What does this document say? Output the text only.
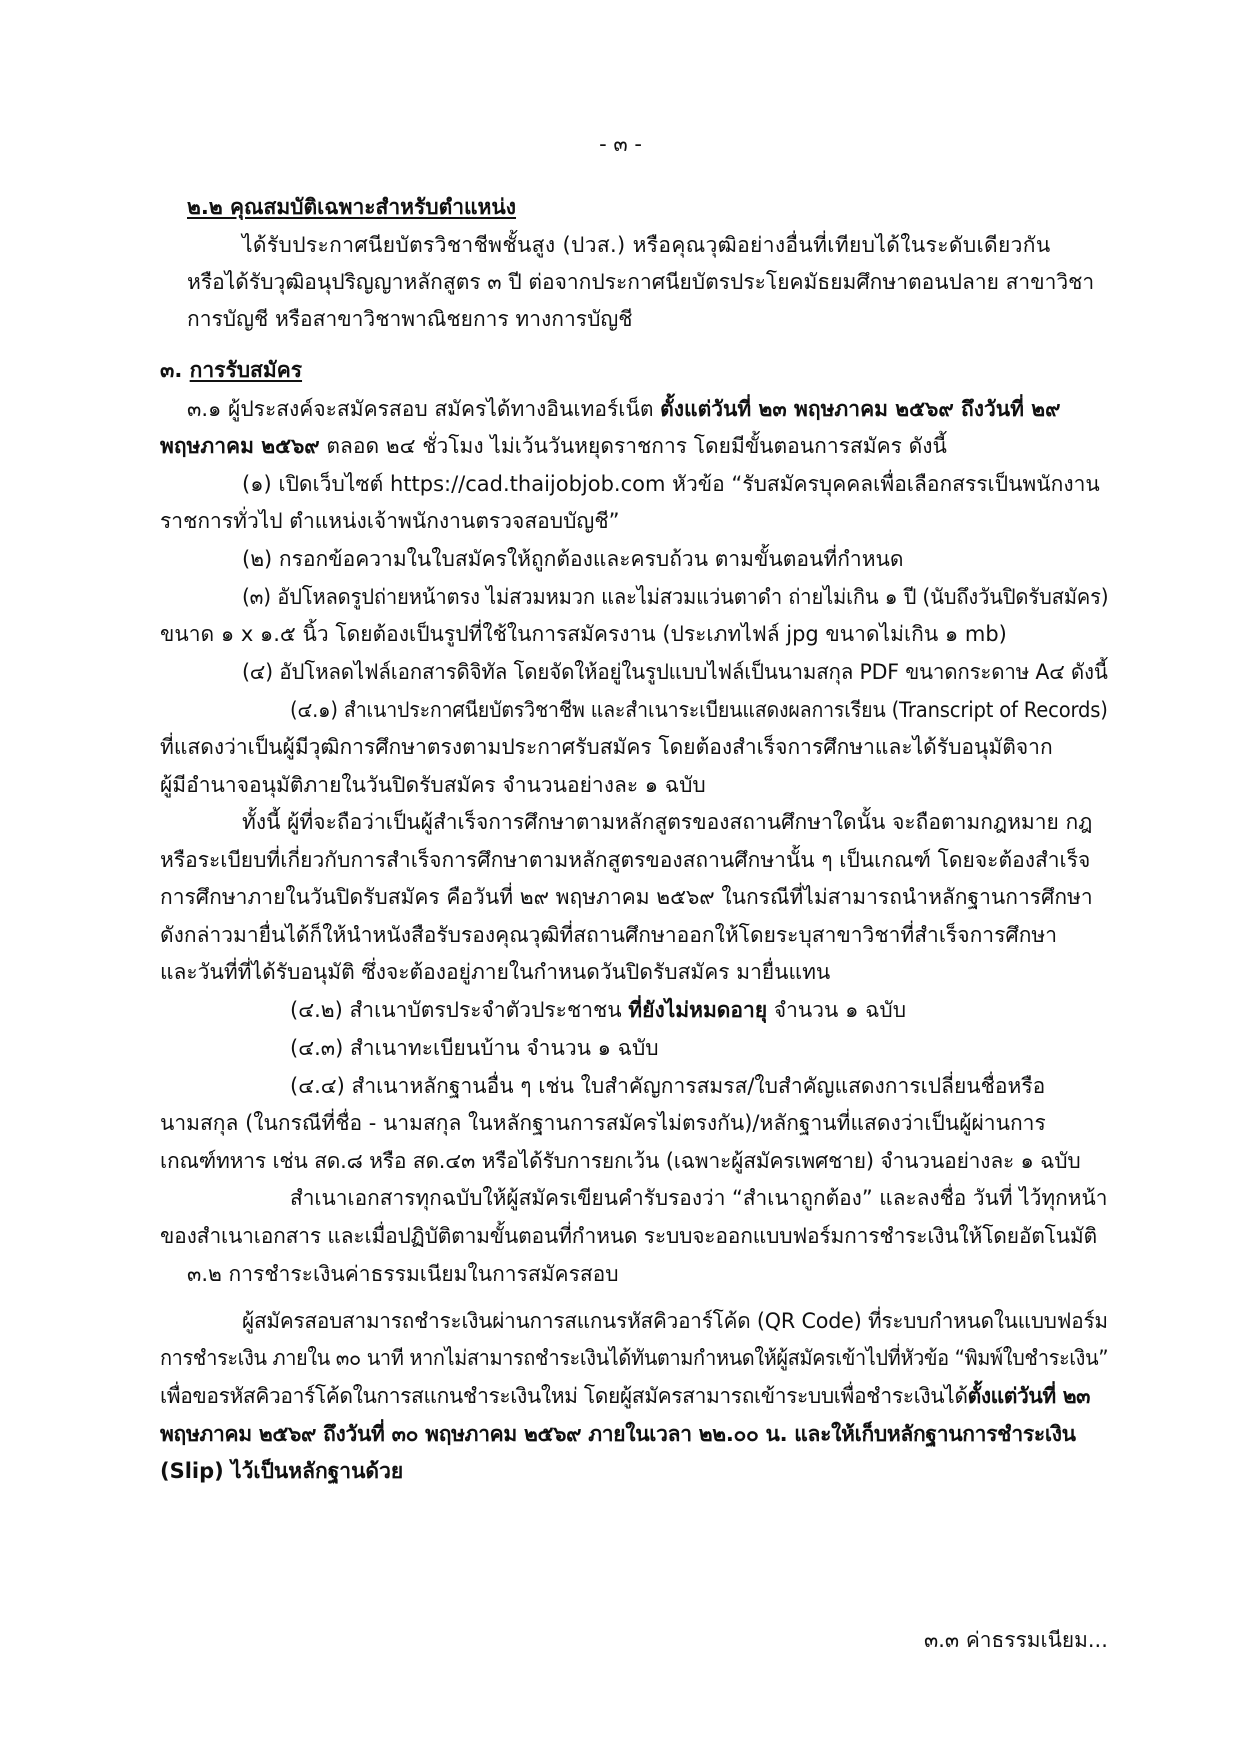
- ๓ -
๒.๒ คุณสมบัติเฉพาะสำหรับตำแหน่ง
ได้รับประกาศนียบัตรวิชาชีพชั้นสูง (ปวส.) หรือคุณวุฒิอย่างอื่นที่เทียบได้ในระดับเดียวกัน
หรือได้รับวุฒิอนุปริญญาหลักสูตร ๓ ปี ต่อจากประกาศนียบัตรประโยคมัธยมศึกษาตอนปลาย สาขาวิชา
การบัญชี หรือสาขาวิชาพาณิชยการ ทางการบัญชี
๓. การรับสมัคร
๓.๑ ผู้ประสงค์จะสมัครสอบ สมัครได้ทางอินเทอร์เน็ต ตั้งแต่วันที่ ๒๓ พฤษภาคม ๒๕๖๙ ถึงวันที่ ๒๙
พฤษภาคม ๒๕๖๙ ตลอด ๒๔ ชั่วโมง ไม่เว้นวันหยุดราชการ โดยมีขั้นตอนการสมัคร ดังนี้
(๑) เปิดเว็บไซต์ https://cad.thaijobjob.com หัวข้อ “รับสมัครบุคคลเพื่อเลือกสรรเป็นพนักงาน
ราชการทั่วไป ตำแหน่งเจ้าพนักงานตรวจสอบบัญชี”
(๒) กรอกข้อความในใบสมัครให้ถูกต้องและครบถ้วน ตามขั้นตอนที่กำหนด
(๓) อัปโหลดรูปถ่ายหน้าตรง ไม่สวมหมวก และไม่สวมแว่นตาดำ ถ่ายไม่เกิน ๑ ปี (นับถึงวันปิดรับสมัคร)
ขนาด ๑ x ๑.๕ นิ้ว โดยต้องเป็นรูปที่ใช้ในการสมัครงาน (ประเภทไฟล์ jpg ขนาดไม่เกิน ๑ mb)
(๔) อัปโหลดไฟล์เอกสารดิจิทัล โดยจัดให้อยู่ในรูปแบบไฟล์เป็นนามสกุล PDF ขนาดกระดาษ A๔ ดังนี้
(๔.๑) สำเนาประกาศนียบัตรวิชาชีพ และสำเนาระเบียนแสดงผลการเรียน (Transcript of Records)
ที่แสดงว่าเป็นผู้มีวุฒิการศึกษาตรงตามประกาศรับสมัคร โดยต้องสำเร็จการศึกษาและได้รับอนุมัติจาก
ผู้มีอำนาจอนุมัติภายในวันปิดรับสมัคร จำนวนอย่างละ ๑ ฉบับ
ทั้งนี้ ผู้ที่จะถือว่าเป็นผู้สำเร็จการศึกษาตามหลักสูตรของสถานศึกษาใดนั้น จะถือตามกฎหมาย กฎ
หรือระเบียบที่เกี่ยวกับการสำเร็จการศึกษาตามหลักสูตรของสถานศึกษานั้น ๆ เป็นเกณฑ์ โดยจะต้องสำเร็จ
การศึกษาภายในวันปิดรับสมัคร คือวันที่ ๒๙ พฤษภาคม ๒๕๖๙ ในกรณีที่ไม่สามารถนำหลักฐานการศึกษา
ดังกล่าวมายื่นได้ก็ให้นำหนังสือรับรองคุณวุฒิที่สถานศึกษาออกให้โดยระบุสาขาวิชาที่สำเร็จการศึกษา
และวันที่ที่ได้รับอนุมัติ ซึ่งจะต้องอยู่ภายในกำหนดวันปิดรับสมัคร มายื่นแทน
(๔.๒) สำเนาบัตรประจำตัวประชาชน ที่ยังไม่หมดอายุ จำนวน ๑ ฉบับ
(๔.๓) สำเนาทะเบียนบ้าน จำนวน ๑ ฉบับ
(๔.๔) สำเนาหลักฐานอื่น ๆ เช่น ใบสำคัญการสมรส/ใบสำคัญแสดงการเปลี่ยนชื่อหรือ
นามสกุล (ในกรณีที่ชื่อ - นามสกุล ในหลักฐานการสมัครไม่ตรงกัน)/หลักฐานที่แสดงว่าเป็นผู้ผ่านการ
เกณฑ์ทหาร เช่น สด.๘ หรือ สด.๔๓ หรือได้รับการยกเว้น (เฉพาะผู้สมัครเพศชาย) จำนวนอย่างละ ๑ ฉบับ
สำเนาเอกสารทุกฉบับให้ผู้สมัครเขียนคำรับรองว่า “สำเนาถูกต้อง” และลงชื่อ วันที่ ไว้ทุกหน้า
ของสำเนาเอกสาร และเมื่อปฏิบัติตามขั้นตอนที่กำหนด ระบบจะออกแบบฟอร์มการชำระเงินให้โดยอัตโนมัติ
๓.๒ การชำระเงินค่าธรรมเนียมในการสมัครสอบ
ผู้สมัครสอบสามารถชำระเงินผ่านการสแกนรหัสคิวอาร์โค้ด (QR Code) ที่ระบบกำหนดในแบบฟอร์ม
การชำระเงิน ภายใน ๓๐ นาที หากไม่สามารถชำระเงินได้ทันตามกำหนดให้ผู้สมัครเข้าไปที่หัวข้อ “พิมพ์ใบชำระเงิน”
เพื่อขอรหัสคิวอาร์โค้ดในการสแกนชำระเงินใหม่ โดยผู้สมัครสามารถเข้าระบบเพื่อชำระเงินได้ตั้งแต่วันที่ ๒๓
พฤษภาคม ๒๕๖๙ ถึงวันที่ ๓๐ พฤษภาคม ๒๕๖๙ ภายในเวลา ๒๒.๐๐ น. และให้เก็บหลักฐานการชำระเงิน
(Slip) ไว้เป็นหลักฐานด้วย
๓.๓ ค่าธรรมเนียม...
